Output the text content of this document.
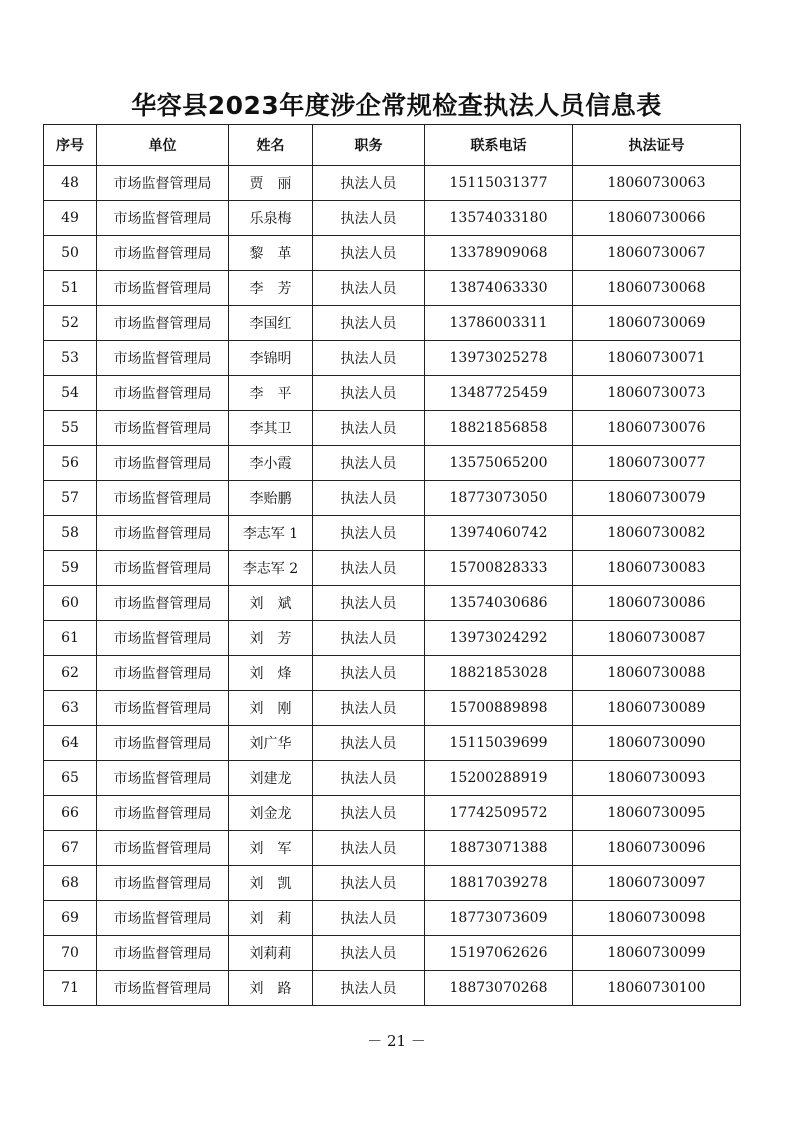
华容县2023年度涉企常规检查执法人员信息表
序号	单位	姓名	职务	联系电话	执法证号
48	市场监督管理局	贾　丽	执法人员	15115031377	18060730063
49	市场监督管理局	乐泉梅	执法人员	13574033180	18060730066
50	市场监督管理局	黎　革	执法人员	13378909068	18060730067
51	市场监督管理局	李　芳	执法人员	13874063330	18060730068
52	市场监督管理局	李国红	执法人员	13786003311	18060730069
53	市场监督管理局	李锦明	执法人员	13973025278	18060730071
54	市场监督管理局	李　平	执法人员	13487725459	18060730073
55	市场监督管理局	李其卫	执法人员	18821856858	18060730076
56	市场监督管理局	李小霞	执法人员	13575065200	18060730077
57	市场监督管理局	李贻鹏	执法人员	18773073050	18060730079
58	市场监督管理局	李志军 1	执法人员	13974060742	18060730082
59	市场监督管理局	李志军 2	执法人员	15700828333	18060730083
60	市场监督管理局	刘　斌	执法人员	13574030686	18060730086
61	市场监督管理局	刘　芳	执法人员	13973024292	18060730087
62	市场监督管理局	刘　烽	执法人员	18821853028	18060730088
63	市场监督管理局	刘　刚	执法人员	15700889898	18060730089
64	市场监督管理局	刘广华	执法人员	15115039699	18060730090
65	市场监督管理局	刘建龙	执法人员	15200288919	18060730093
66	市场监督管理局	刘金龙	执法人员	17742509572	18060730095
67	市场监督管理局	刘　军	执法人员	18873071388	18060730096
68	市场监督管理局	刘　凯	执法人员	18817039278	18060730097
69	市场监督管理局	刘　莉	执法人员	18773073609	18060730098
70	市场监督管理局	刘莉莉	执法人员	15197062626	18060730099
71	市场监督管理局	刘　路	执法人员	18873070268	18060730100
－ 21 －
